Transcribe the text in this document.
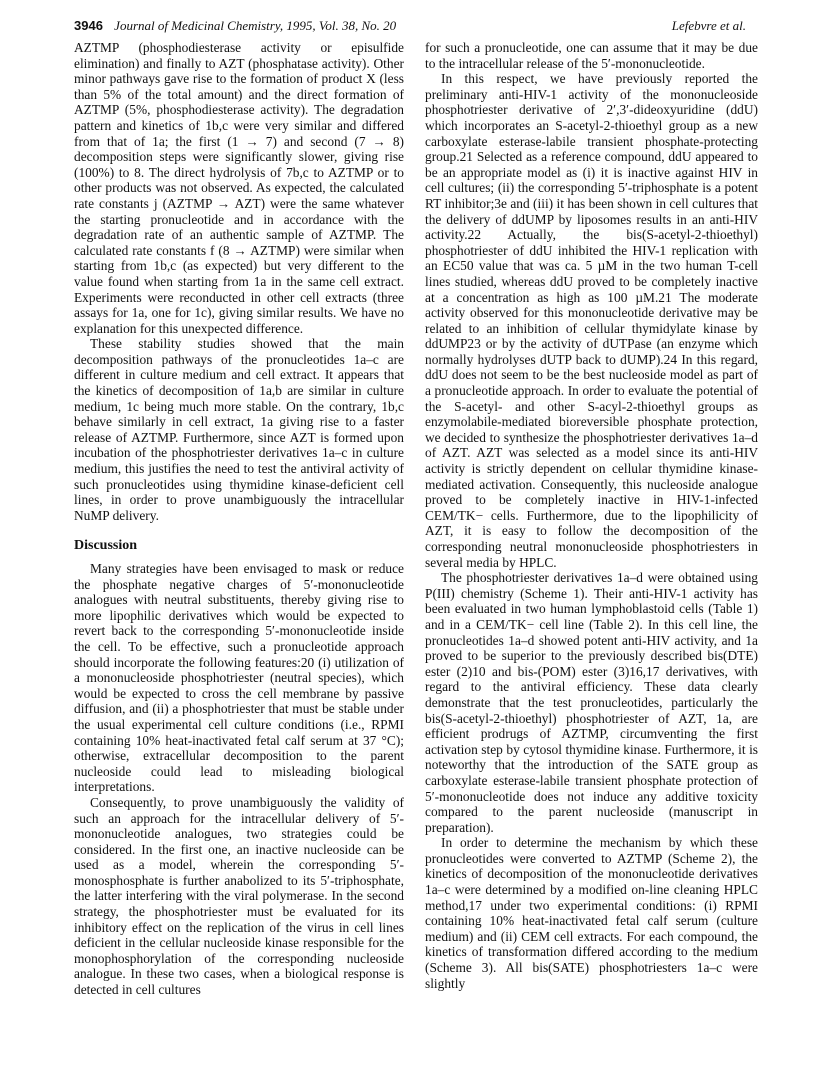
3946 Journal of Medicinal Chemistry, 1995, Vol. 38, No. 20	Lefebvre et al.

AZTMP (phosphodiesterase activity or episulfide elimination) and finally to AZT (phosphatase activity). Other minor pathways gave rise to the formation of product X (less than 5% of the total amount) and the direct formation of AZTMP (5%, phosphodiesterase activity). The degradation pattern and kinetics of 1b,c were very similar and differed from that of 1a; the first (1 → 7) and second (7 → 8) decomposition steps were significantly slower, giving rise (100%) to 8. The direct hydrolysis of 7b,c to AZTMP or to other products was not observed. As expected, the calculated rate constants j (AZTMP → AZT) were the same whatever the starting pronucleotide and in accordance with the degradation rate of an authentic sample of AZTMP. The calculated rate constants f (8 → AZTMP) were similar when starting from 1b,c (as expected) but very different to the value found when starting from 1a in the same cell extract. Experiments were reconducted in other cell extracts (three assays for 1a, one for 1c), giving similar results. We have no explanation for this unexpected difference.

These stability studies showed that the main decomposition pathways of the pronucleotides 1a–c are different in culture medium and cell extract. It appears that the kinetics of decomposition of 1a,b are similar in culture medium, 1c being much more stable. On the contrary, 1b,c behave similarly in cell extract, 1a giving rise to a faster release of AZTMP. Furthermore, since AZT is formed upon incubation of the phosphotriester derivatives 1a–c in culture medium, this justifies the need to test the antiviral activity of such pronucleotides using thymidine kinase-deficient cell lines, in order to prove unambiguously the intracellular NuMP delivery.

Discussion

Many strategies have been envisaged to mask or reduce the phosphate negative charges of 5′-mononucleotide analogues with neutral substituents, thereby giving rise to more lipophilic derivatives which would be expected to revert back to the corresponding 5′-mononucleotide inside the cell. To be effective, such a pronucleotide approach should incorporate the following features:20 (i) utilization of a mononucleoside phosphotriester (neutral species), which would be expected to cross the cell membrane by passive diffusion, and (ii) a phosphotriester that must be stable under the usual experimental cell culture conditions (i.e., RPMI containing 10% heat-inactivated fetal calf serum at 37 °C); otherwise, extracellular decomposition to the parent nucleoside could lead to misleading biological interpretations.

Consequently, to prove unambiguously the validity of such an approach for the intracellular delivery of 5′-mononucleotide analogues, two strategies could be considered. In the first one, an inactive nucleoside can be used as a model, wherein the corresponding 5′-monosphosphate is further anabolized to its 5′-triphosphate, the latter interfering with the viral polymerase. In the second strategy, the phosphotriester must be evaluated for its inhibitory effect on the replication of the virus in cell lines deficient in the cellular nucleoside kinase responsible for the monophosphorylation of the corresponding nucleoside analogue. In these two cases, when a biological response is detected in cell cultures

for such a pronucleotide, one can assume that it may be due to the intracellular release of the 5′-mononucleotide.

In this respect, we have previously reported the preliminary anti-HIV-1 activity of the mononucleoside phosphotriester derivative of 2′,3′-dideoxyuridine (ddU) which incorporates an S-acetyl-2-thioethyl group as a new carboxylate esterase-labile transient phosphate-protecting group.21 Selected as a reference compound, ddU appeared to be an appropriate model as (i) it is inactive against HIV in cell cultures; (ii) the corresponding 5′-triphosphate is a potent RT inhibitor;3e and (iii) it has been shown in cell cultures that the delivery of ddUMP by liposomes results in an anti-HIV activity.22 Actually, the bis(S-acetyl-2-thioethyl) phosphotriester of ddU inhibited the HIV-1 replication with an EC50 value that was ca. 5 µM in the two human T-cell lines studied, whereas ddU proved to be completely inactive at a concentration as high as 100 µM.21 The moderate activity observed for this mononucleotide derivative may be related to an inhibition of cellular thymidylate kinase by ddUMP23 or by the activity of dUTPase (an enzyme which normally hydrolyses dUTP back to dUMP).24 In this regard, ddU does not seem to be the best nucleoside model as part of a pronucleotide approach. In order to evaluate the potential of the S-acetyl- and other S-acyl-2-thioethyl groups as enzymolabile-mediated bioreversible phosphate protection, we decided to synthesize the phosphotriester derivatives 1a–d of AZT. AZT was selected as a model since its anti-HIV activity is strictly dependent on cellular thymidine kinase-mediated activation. Consequently, this nucleoside analogue proved to be completely inactive in HIV-1-infected CEM/TK− cells. Furthermore, due to the lipophilicity of AZT, it is easy to follow the decomposition of the corresponding neutral mononucleoside phosphotriesters in several media by HPLC.

The phosphotriester derivatives 1a–d were obtained using P(III) chemistry (Scheme 1). Their anti-HIV-1 activity has been evaluated in two human lymphoblastoid cells (Table 1) and in a CEM/TK− cell line (Table 2). In this cell line, the pronucleotides 1a–d showed potent anti-HIV activity, and 1a proved to be superior to the previously described bis(DTE) ester (2)10 and bis-(POM) ester (3)16,17 derivatives, with regard to the antiviral efficiency. These data clearly demonstrate that the test pronucleotides, particularly the bis(S-acetyl-2-thioethyl) phosphotriester of AZT, 1a, are efficient prodrugs of AZTMP, circumventing the first activation step by cytosol thymidine kinase. Furthermore, it is noteworthy that the introduction of the SATE group as carboxylate esterase-labile transient phosphate protection of 5′-mononucleotide does not induce any additive toxicity compared to the parent nucleoside (manuscript in preparation).

In order to determine the mechanism by which these pronucleotides were converted to AZTMP (Scheme 2), the kinetics of decomposition of the mononucleotide derivatives 1a–c were determined by a modified on-line cleaning HPLC method,17 under two experimental conditions: (i) RPMI containing 10% heat-inactivated fetal calf serum (culture medium) and (ii) CEM cell extracts. For each compound, the kinetics of transformation differed according to the medium (Scheme 3). All bis(SATE) phosphotriesters 1a–c were slightly
